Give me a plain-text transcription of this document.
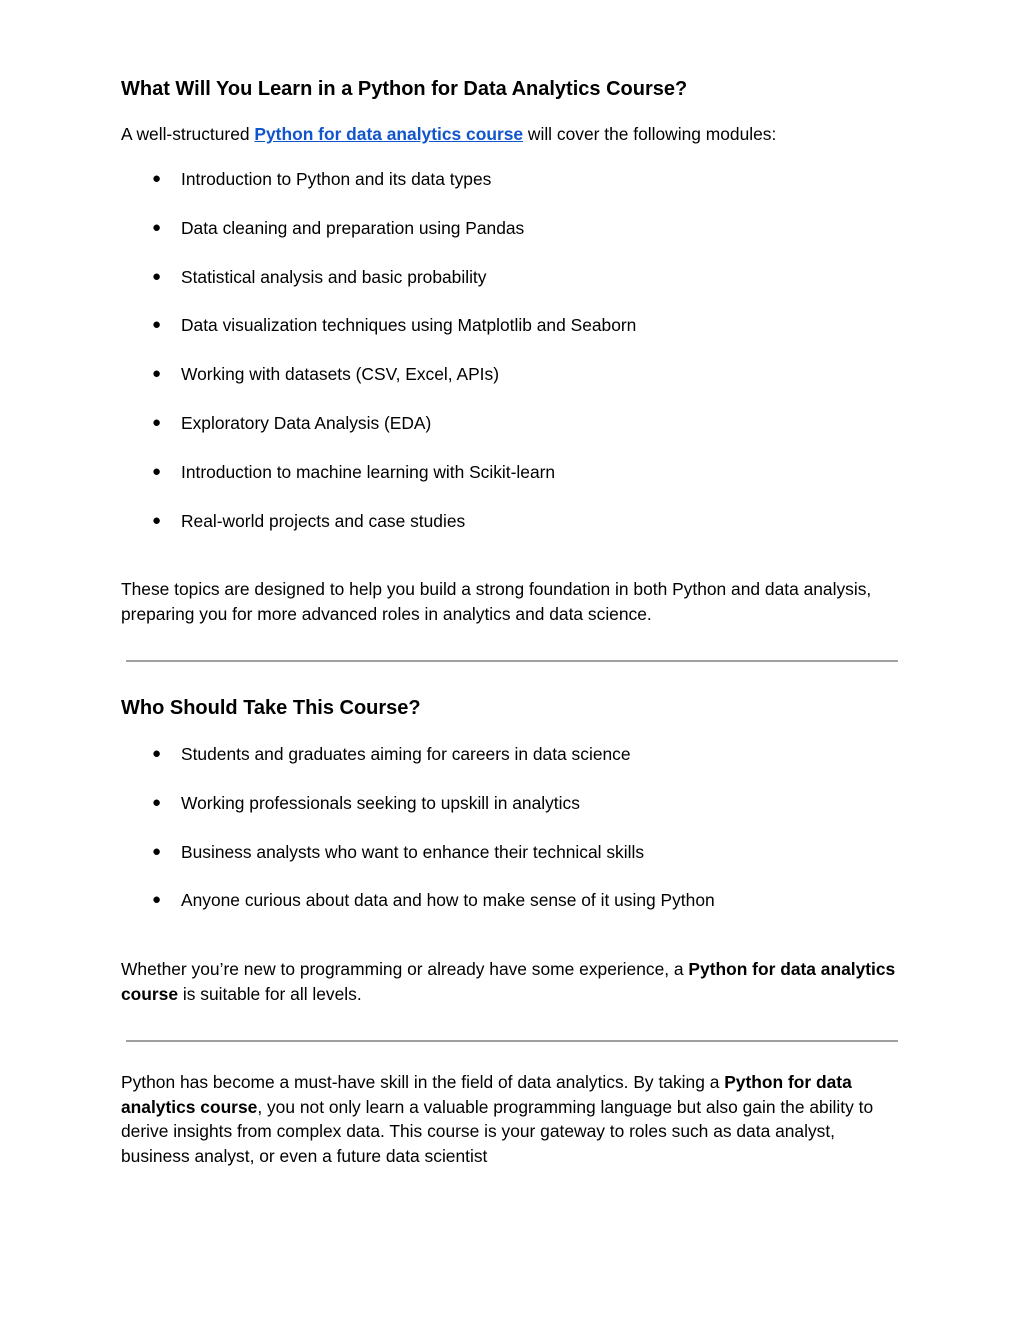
What Will You Learn in a Python for Data Analytics Course?

A well-structured Python for data analytics course will cover the following modules:

● Introduction to Python and its data types
● Data cleaning and preparation using Pandas
● Statistical analysis and basic probability
● Data visualization techniques using Matplotlib and Seaborn
● Working with datasets (CSV, Excel, APIs)
● Exploratory Data Analysis (EDA)
● Introduction to machine learning with Scikit-learn
● Real-world projects and case studies

These topics are designed to help you build a strong foundation in both Python and data analysis, preparing you for more advanced roles in analytics and data science.

Who Should Take This Course?
● Students and graduates aiming for careers in data science
● Working professionals seeking to upskill in analytics
● Business analysts who want to enhance their technical skills
● Anyone curious about data and how to make sense of it using Python

Whether you’re new to programming or already have some experience, a Python for data analytics course is suitable for all levels.

Python has become a must-have skill in the field of data analytics. By taking a Python for data analytics course, you not only learn a valuable programming language but also gain the ability to derive insights from complex data. This course is your gateway to roles such as data analyst, business analyst, or even a future data scientist
